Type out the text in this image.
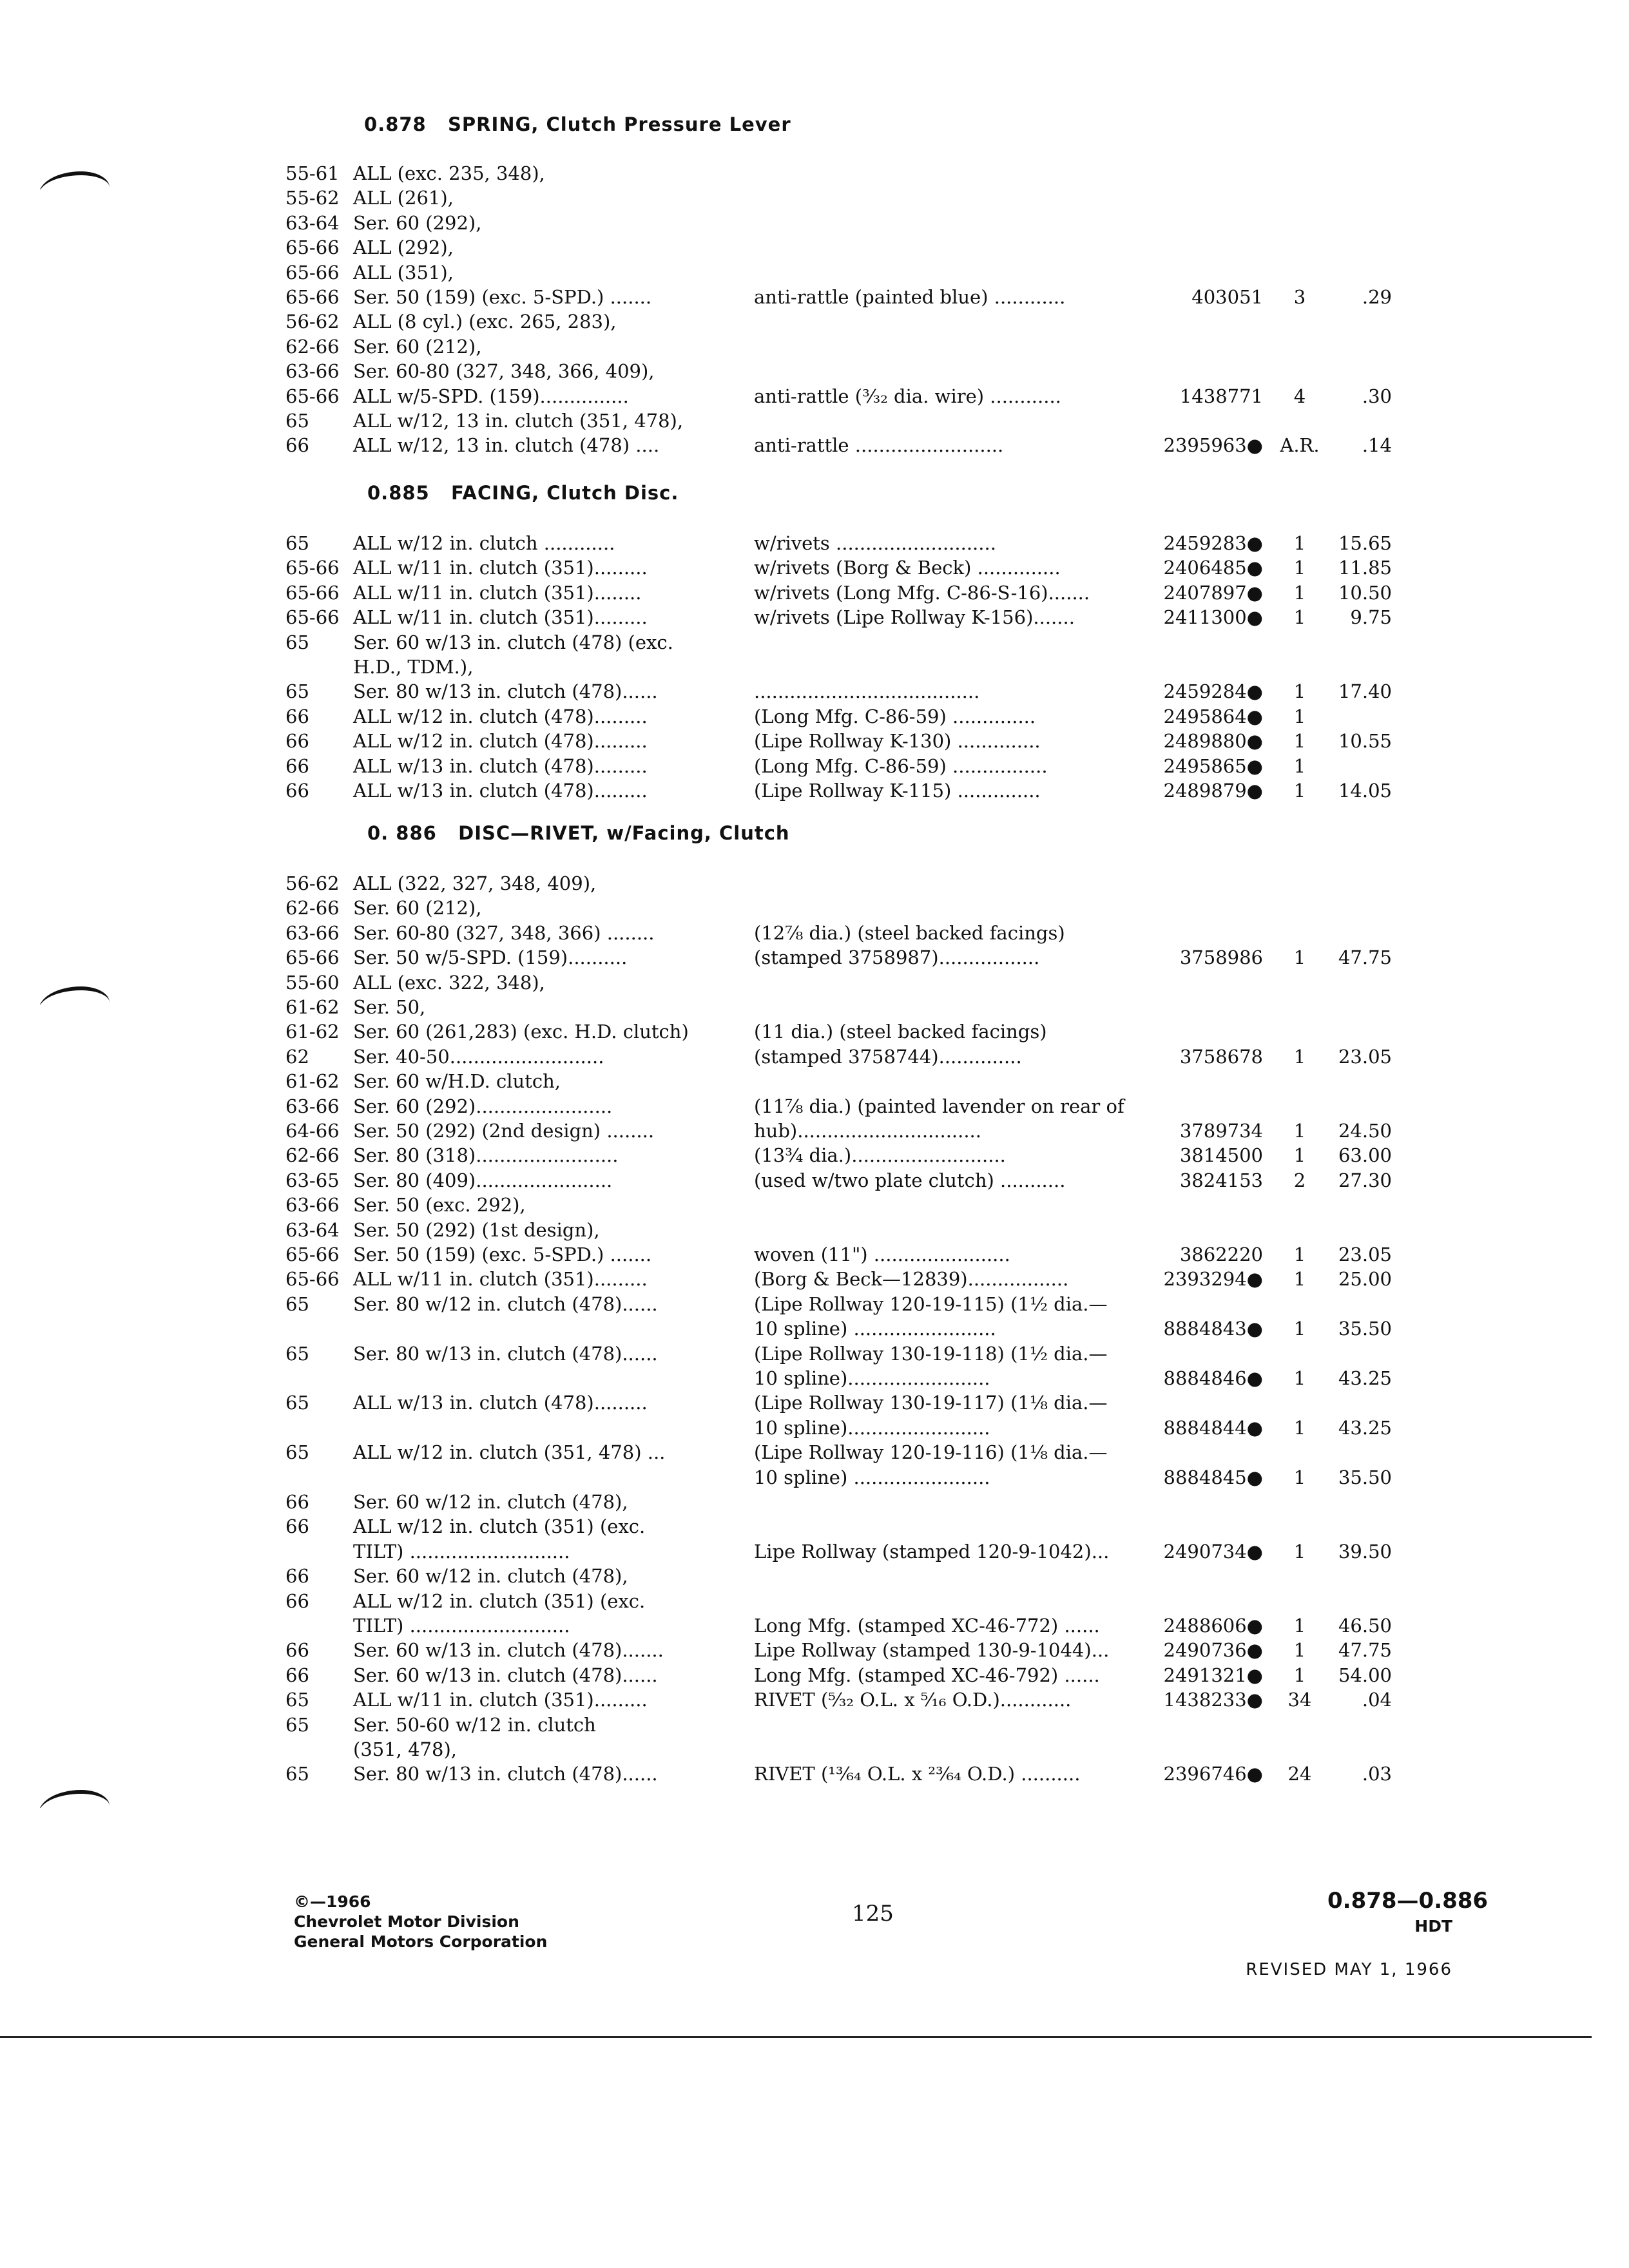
0.878 SPRING, Clutch Pressure Lever
0.885 FACING, Clutch Disc.
0. 886 DISC—RIVET, w/Facing, Clutch
55-61 ALL (exc. 235, 348),
55-62 ALL (261),
63-64 Ser. 60 (292),
65-66 ALL (292),
65-66 ALL (351),
65-66 Ser. 50 (159) (exc. 5-SPD.) .......	anti-rattle (painted blue) ............	403051	3	.29
56-62 ALL (8 cyl.) (exc. 265, 283),
62-66 Ser. 60 (212),
63-66 Ser. 60-80 (327, 348, 366, 409),
65-66 ALL w/5-SPD. (159)...............	anti-rattle (³⁄₃₂ dia. wire) ............	1438771	4	.30
65 ALL w/12, 13 in. clutch (351, 478),
66 ALL w/12, 13 in. clutch (478) ....	anti-rattle .........................	2395963● A.R.	.14
65 ALL w/12 in. clutch ............	w/rivets ...........................	2459283●	1	15.65
65-66 ALL w/11 in. clutch (351).........	w/rivets (Borg & Beck) ..............	2406485●	1	11.85
65-66 ALL w/11 in. clutch (351)........	w/rivets (Long Mfg. C-86-S-16).......	2407897●	1	10.50
65-66 ALL w/11 in. clutch (351).........	w/rivets (Lipe Rollway K-156).......	2411300●	1	9.75
65 Ser. 60 w/13 in. clutch (478) (exc.
H.D., TDM.),
65 Ser. 80 w/13 in. clutch (478)......	......................................	2459284●	1	17.40
66 ALL w/12 in. clutch (478).........	(Long Mfg. C-86-59) ..............	2495864●	1
66 ALL w/12 in. clutch (478).........	(Lipe Rollway K-130) ..............	2489880●	1	10.55
66 ALL w/13 in. clutch (478).........	(Long Mfg. C-86-59) ................	2495865●	1
66 ALL w/13 in. clutch (478).........	(Lipe Rollway K-115) ..............	2489879●	1	14.05
56-62 ALL (322, 327, 348, 409),
62-66 Ser. 60 (212),
63-66 Ser. 60-80 (327, 348, 366) ........	(12⅞ dia.) (steel backed facings)
65-66 Ser. 50 w/5-SPD. (159)..........	(stamped 3758987).................	3758986	1	47.75
55-60 ALL (exc. 322, 348),
61-62 Ser. 50,
61-62 Ser. 60 (261,283) (exc. H.D. clutch)	(11 dia.) (steel backed facings)
62 Ser. 40-50..........................	(stamped 3758744)..............	3758678	1	23.05
61-62 Ser. 60 w/H.D. clutch,
63-66 Ser. 60 (292).......................	(11⅞ dia.) (painted lavender on rear of
64-66 Ser. 50 (292) (2nd design) ........	hub)...............................	3789734	1	24.50
62-66 Ser. 80 (318)........................	(13¾ dia.)..........................	3814500	1	63.00
63-65 Ser. 80 (409).......................	(used w/two plate clutch) ...........	3824153	2	27.30
63-66 Ser. 50 (exc. 292),
63-64 Ser. 50 (292) (1st design),
65-66 Ser. 50 (159) (exc. 5-SPD.) .......	woven (11") .......................	3862220	1	23.05
65-66 ALL w/11 in. clutch (351).........	(Borg & Beck—12839).................	2393294●	1	25.00
65 Ser. 80 w/12 in. clutch (478)......	(Lipe Rollway 120-19-115) (1½ dia.—
10 spline) ........................	8884843●	1	35.50
65 Ser. 80 w/13 in. clutch (478)......	(Lipe Rollway 130-19-118) (1½ dia.—
10 spline)........................	8884846●	1	43.25
65 ALL w/13 in. clutch (478).........	(Lipe Rollway 130-19-117) (1⅛ dia.—
10 spline)........................	8884844●	1	43.25
65 ALL w/12 in. clutch (351, 478) ...	(Lipe Rollway 120-19-116) (1⅛ dia.—
10 spline) .......................	8884845●	1	35.50
66 Ser. 60 w/12 in. clutch (478),
66 ALL w/12 in. clutch (351) (exc.
TILT) ...........................	Lipe Rollway (stamped 120-9-1042)...	2490734●	1	39.50
66 Ser. 60 w/12 in. clutch (478),
66 ALL w/12 in. clutch (351) (exc.
TILT) ...........................	Long Mfg. (stamped XC-46-772) ......	2488606●	1	46.50
66 Ser. 60 w/13 in. clutch (478).......	Lipe Rollway (stamped 130-9-1044)...	2490736●	1	47.75
66 Ser. 60 w/13 in. clutch (478)......	Long Mfg. (stamped XC-46-792) ......	2491321●	1	54.00
65 ALL w/11 in. clutch (351).........	RIVET (⁵⁄₃₂ O.L. x ⁵⁄₁₆ O.D.)............	1438233●	34	.04
65 Ser. 50-60 w/12 in. clutch
(351, 478),
65 Ser. 80 w/13 in. clutch (478)......	RIVET (¹³⁄₆₄ O.L. x ²³⁄₆₄ O.D.) ..........	2396746●	24	.03
©—1966
Chevrolet Motor Division
General Motors Corporation
125	0.878—0.886
HDT
REVISED MAY 1, 1966
